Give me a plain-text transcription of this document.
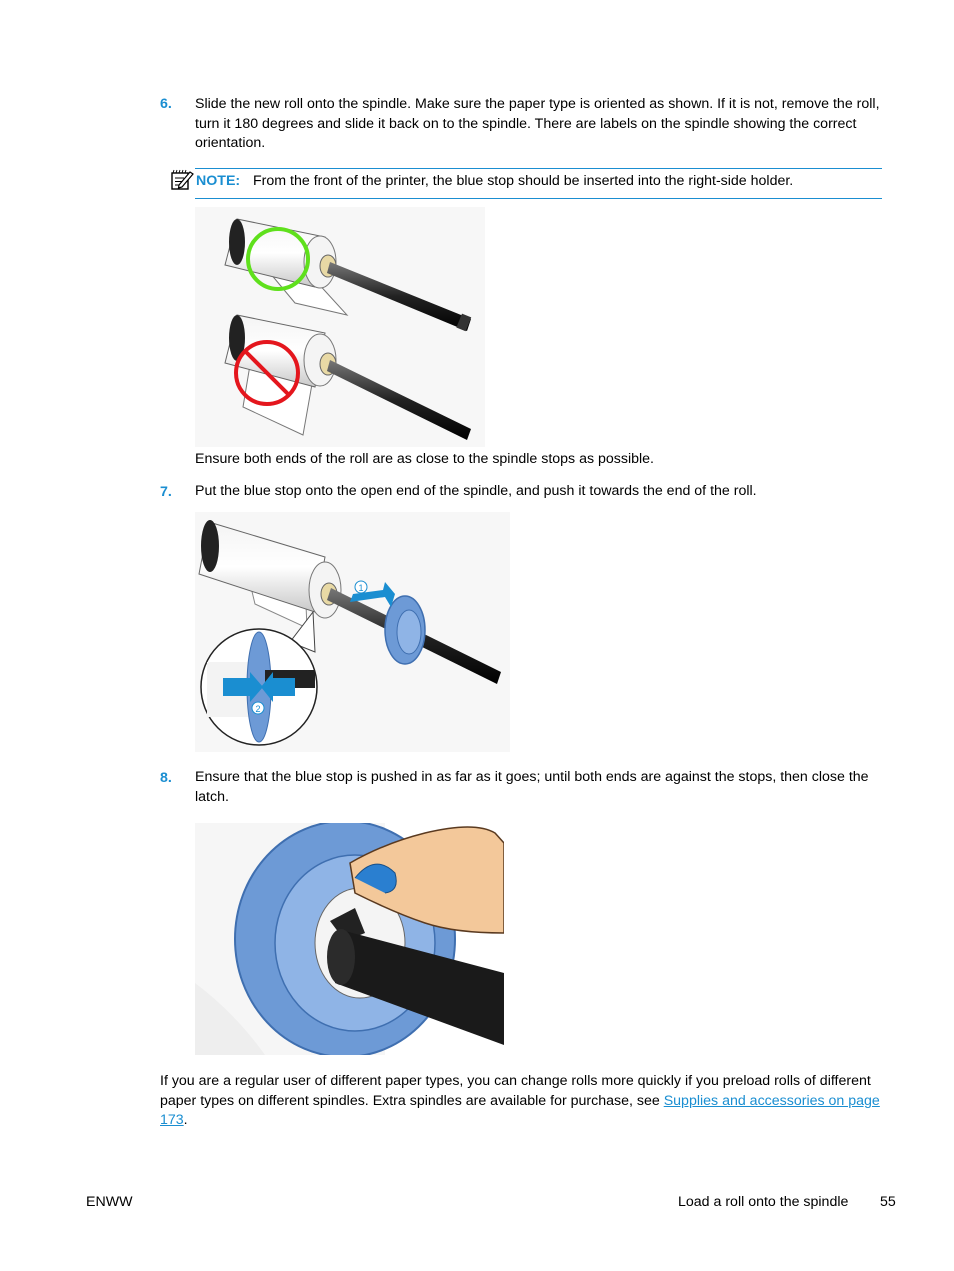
6. Slide the new roll onto the spindle. Make sure the paper type is oriented as shown. If it is not, remove the roll, turn it 180 degrees and slide it back on to the spindle. There are labels on the spindle showing the correct orientation.
NOTE: From the front of the printer, the blue stop should be inserted into the right-side holder.
Ensure both ends of the roll are as close to the spindle stops as possible.
7. Put the blue stop onto the open end of the spindle, and push it towards the end of the roll.
1
2
8. Ensure that the blue stop is pushed in as far as it goes; until both ends are against the stops, then close the latch.
If you are a regular user of different paper types, you can change rolls more quickly if you preload rolls of different paper types on different spindles. Extra spindles are available for purchase, see Supplies and accessories on page 173.
ENWW	Load a roll onto the spindle 55
